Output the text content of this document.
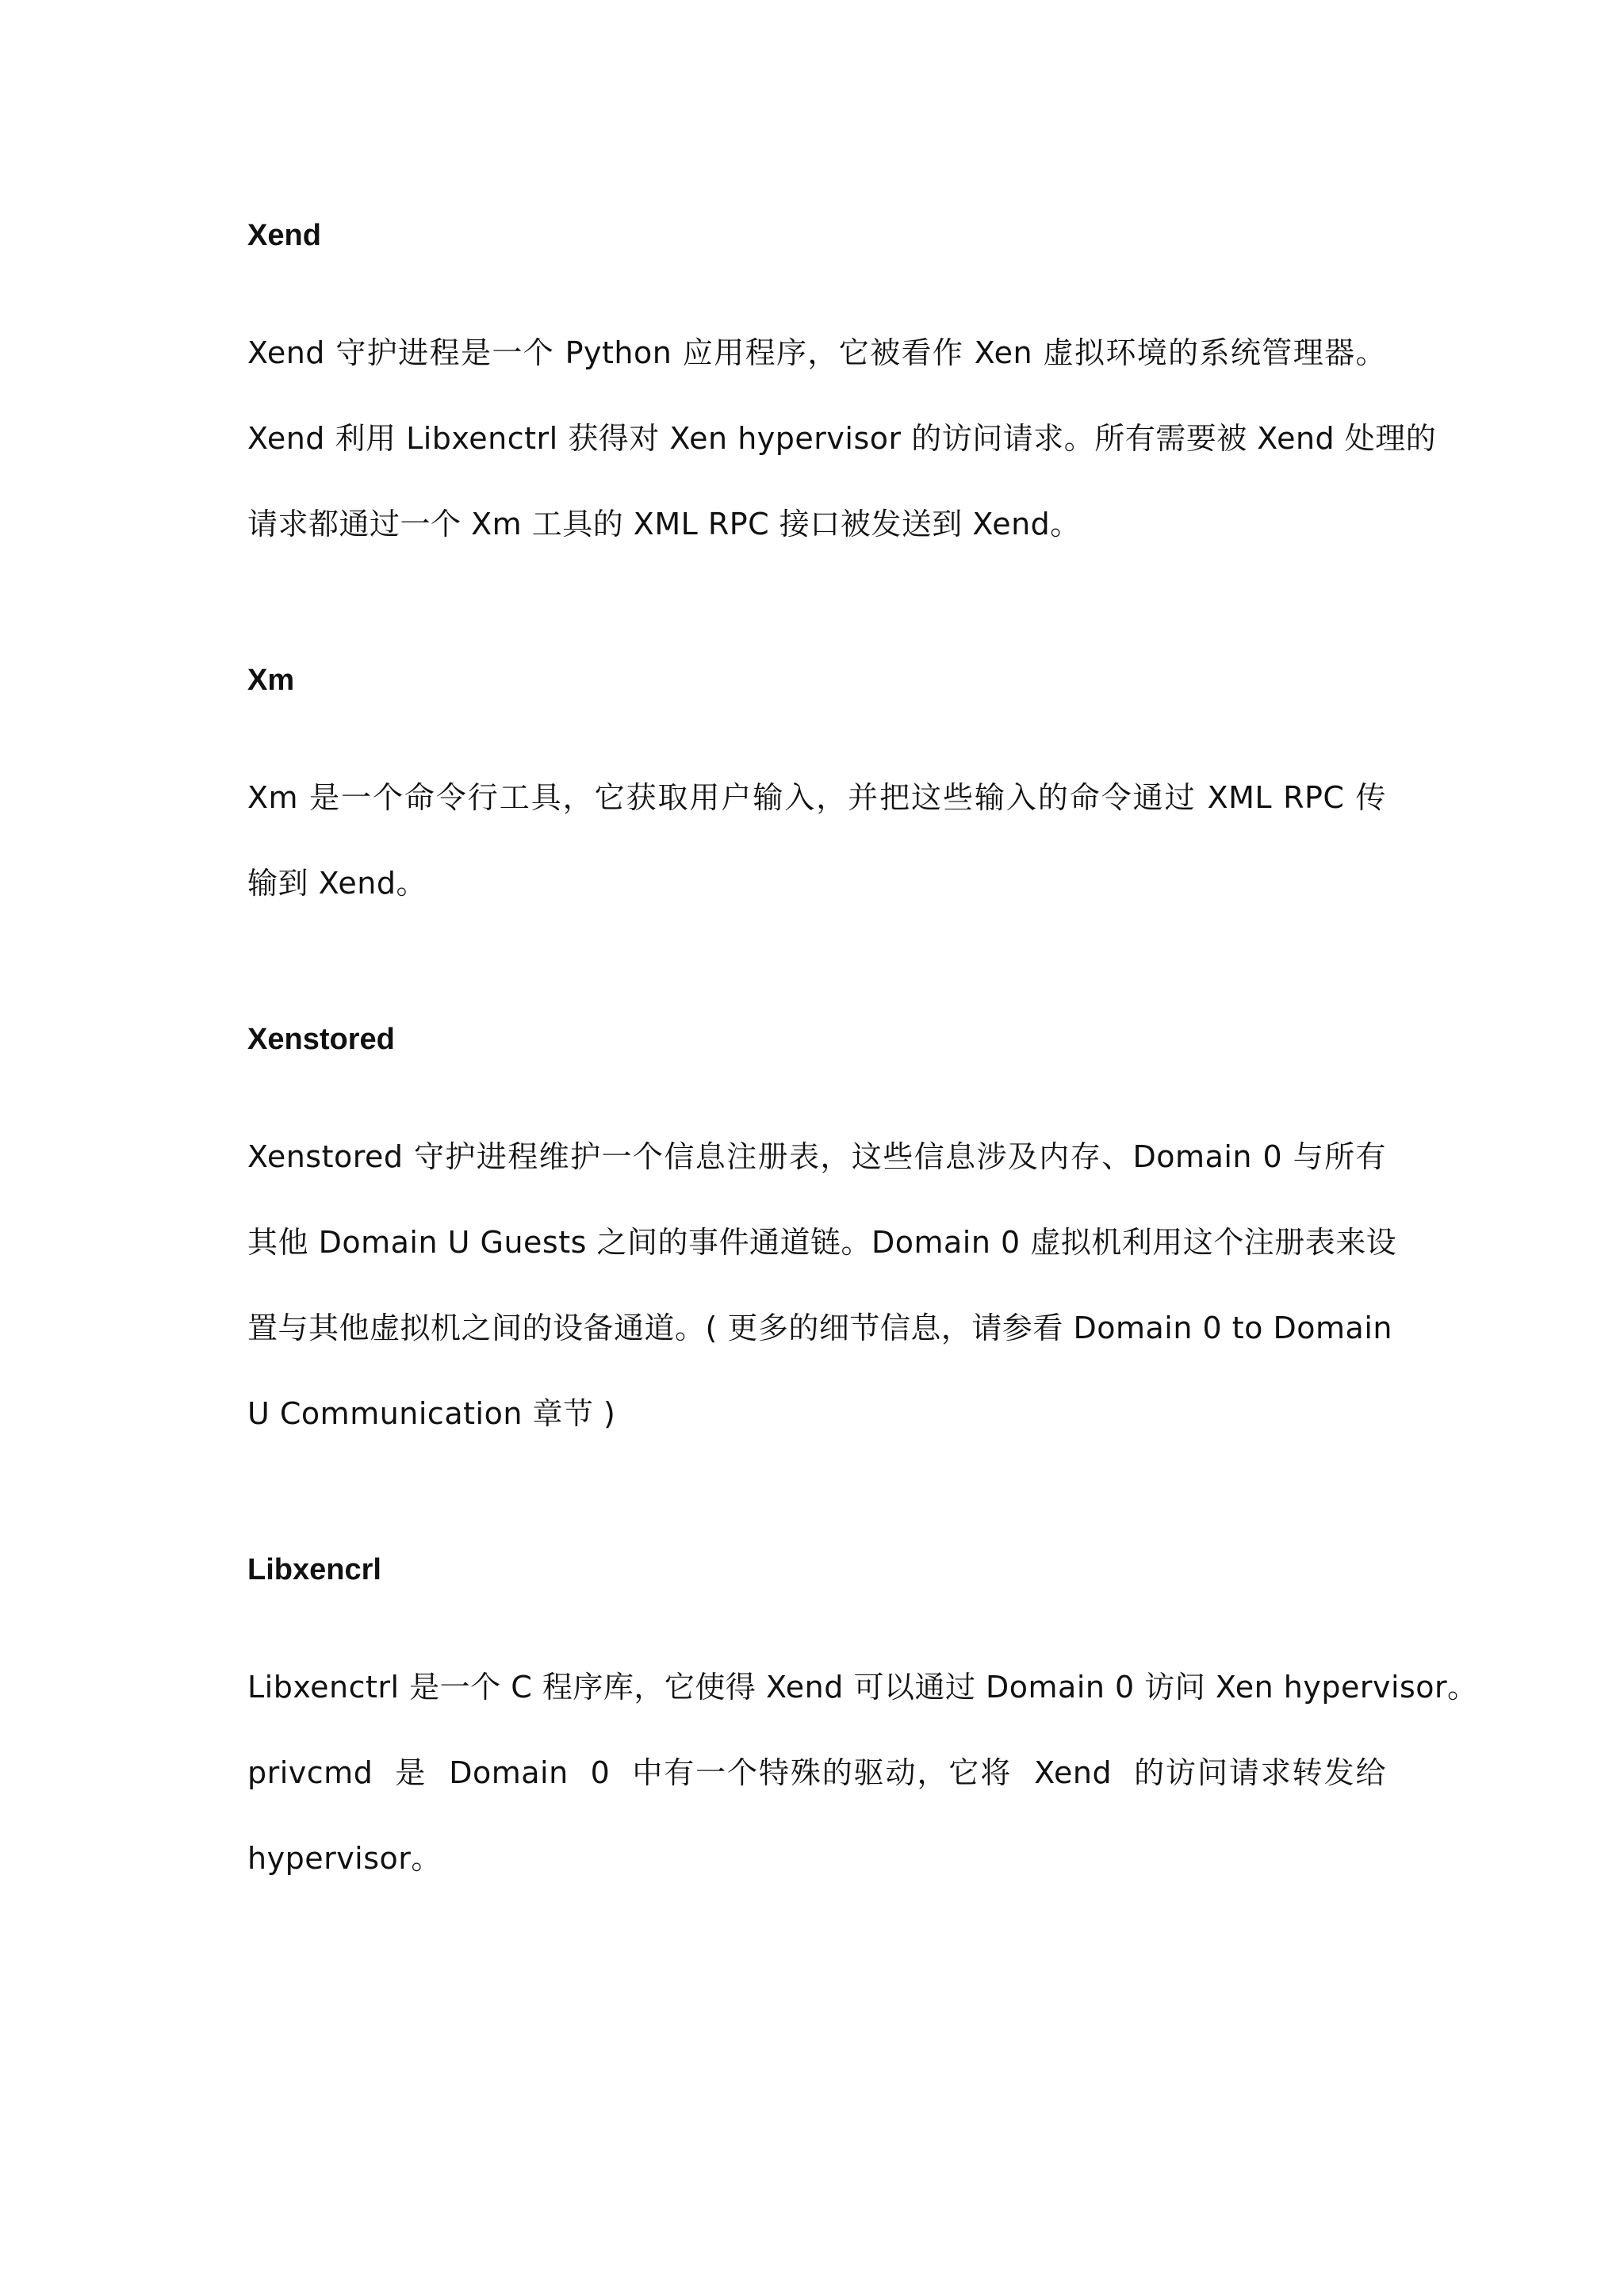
Xend
Xend 守护进程是一个 Python 应用程序，它被看作 Xen 虚拟环境的系统管理器。
Xend 利用 Libxenctrl 获得对 Xen hypervisor 的访问请求。所有需要被 Xend 处理的
请求都通过一个 Xm 工具的 XML RPC 接口被发送到 Xend。
Xm
Xm 是一个命令行工具，它获取用户输入，并把这些输入的命令通过 XML RPC 传
输到 Xend。
Xenstored
Xenstored 守护进程维护一个信息注册表，这些信息涉及内存、Domain 0 与所有
其他 Domain U Guests 之间的事件通道链。Domain 0 虚拟机利用这个注册表来设
置与其他虚拟机之间的设备通道。( 更多的细节信息，请参看 Domain 0 to Domain
U Communication 章节 )
Libxencrl
Libxenctrl 是一个 C 程序库，它使得 Xend 可以通过 Domain 0 访问 Xen hypervisor。
privcmd 是 Domain 0 中有一个特殊的驱动，它将 Xend 的访问请求转发给
hypervisor。
